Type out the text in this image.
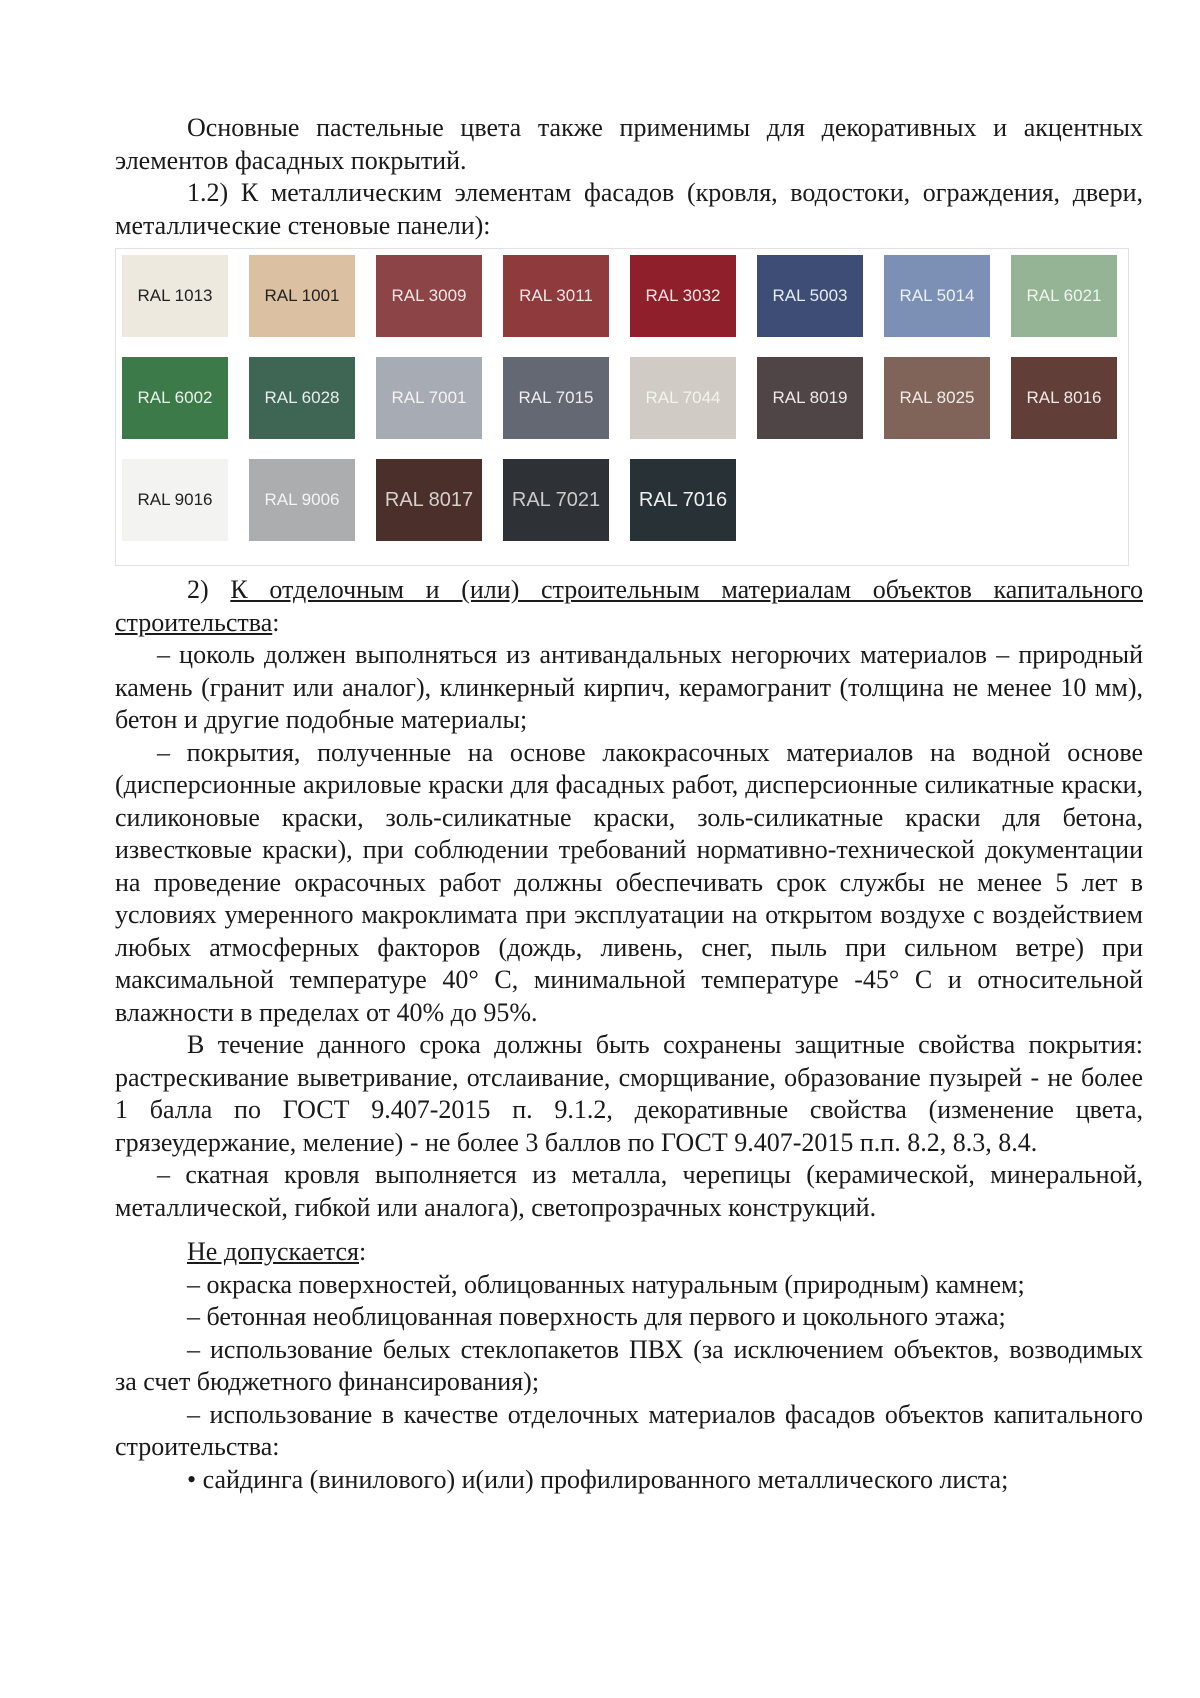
Основные пастельные цвета также применимы для декоративных и акцентных элементов фасадных покрытий.

1.2) К металлическим элементам фасадов (кровля, водостоки, ограждения, двери, металлические стеновые панели):

RAL 1013	RAL 1001	RAL 3009	RAL 3011	RAL 3032	RAL 5003	RAL 5014	RAL 6021
RAL 6002	RAL 6028	RAL 7001	RAL 7015	RAL 7044	RAL 8019	RAL 8025	RAL 8016
RAL 9016	RAL 9006 RAL 8017 RAL 7021 RAL 7016

2) К отделочным и (или) строительным материалам объектов капитального строительства:

– цоколь должен выполняться из антивандальных негорючих материалов – природный камень (гранит или аналог), клинкерный кирпич, керамогранит (толщина не менее 10 мм), бетон и другие подобные материалы;

– покрытия, полученные на основе лакокрасочных материалов на водной основе (дисперсионные акриловые краски для фасадных работ, дисперсионные силикатные краски, силиконовые краски, золь-силикатные краски, золь-силикатные краски для бетона, известковые краски), при соблюдении требований нормативно-технической документации на проведение окрасочных работ должны обеспечивать срок службы не менее 5 лет в условиях умеренного макроклимата при эксплуатации на открытом воздухе с воздействием любых атмосферных факторов (дождь, ливень, снег, пыль при сильном ветре) при максимальной температуре 40° С, минимальной температуре -45° С и относительной влажности в пределах от 40% до 95%.

В течение данного срока должны быть сохранены защитные свойства покрытия: растрескивание выветривание, отслаивание, сморщивание, образование пузырей - не более 1 балла по ГОСТ 9.407-2015 п. 9.1.2, декоративные свойства (изменение цвета, грязеудержание, меление) - не более 3 баллов по ГОСТ 9.407-2015 п.п. 8.2, 8.3, 8.4.

– скатная кровля выполняется из металла, черепицы (керамической, минеральной, металлической, гибкой или аналога), светопрозрачных конструкций.

Не допускается:

– окраска поверхностей, облицованных натуральным (природным) камнем;

– бетонная необлицованная поверхность для первого и цокольного этажа;

– использование белых стеклопакетов ПВХ (за исключением объектов, возводимых за счет бюджетного финансирования);

– использование в качестве отделочных материалов фасадов объектов капитального строительства:

• сайдинга (винилового) и(или) профилированного металлического листа;
